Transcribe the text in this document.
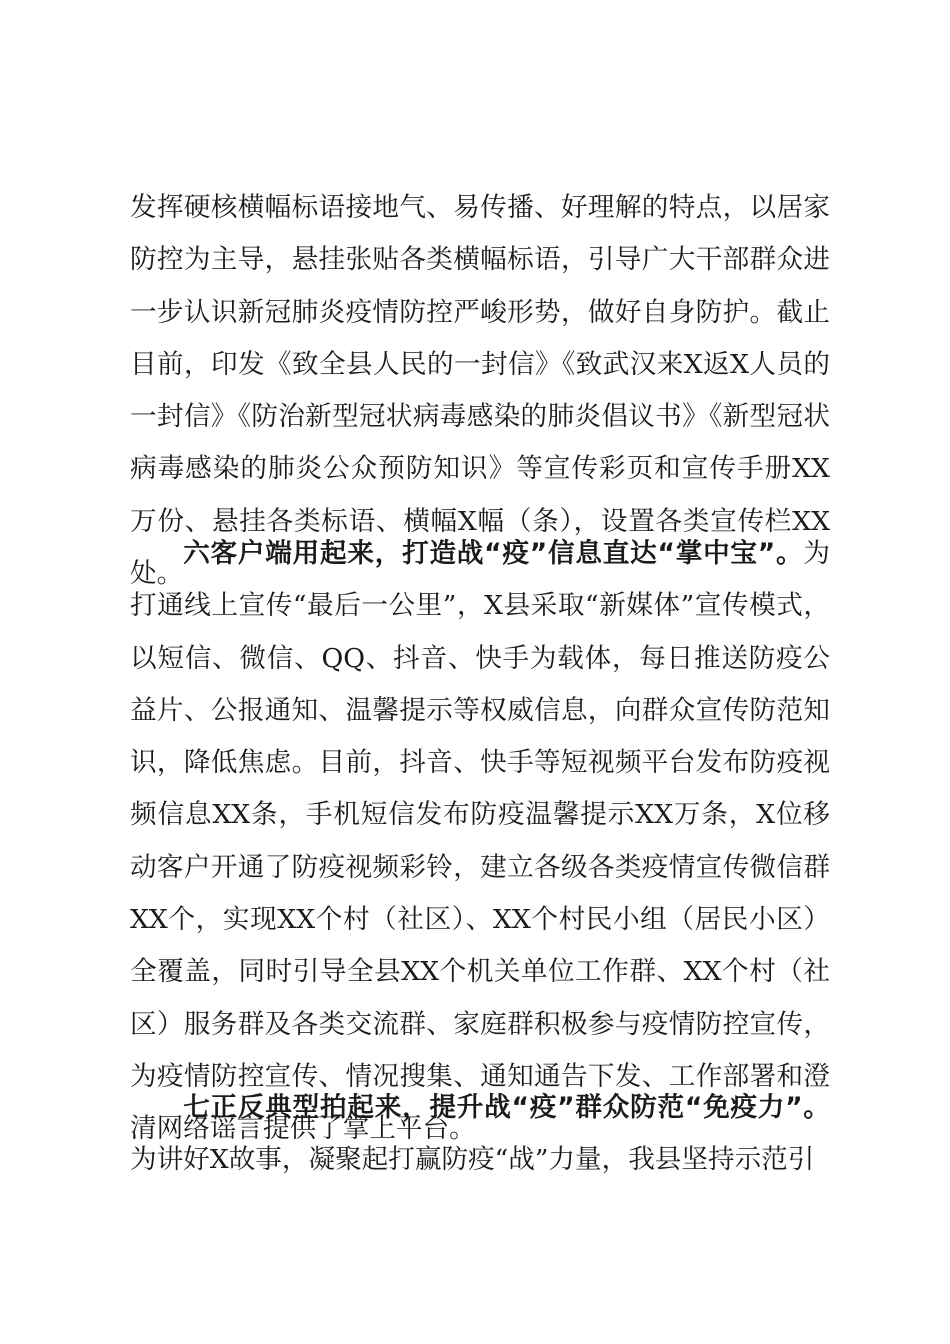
发挥硬核横幅标语接地气、易传播、好理解的特点，以居家防控为主导，悬挂张贴各类横幅标语，引导广大干部群众进一步认识新冠肺炎疫情防控严峻形势，做好自身防护。截止目前，印发《致全县人民的一封信》《致武汉来X返X人员的一封信》《防治新型冠状病毒感染的肺炎倡议书》《新型冠状病毒感染的肺炎公众预防知识》等宣传彩页和宣传手册XX万份、悬挂各类标语、横幅X幅（条），设置各类宣传栏XX处。

六客户端用起来，打造战“疫”信息直达“掌中宝”。为打通线上宣传“最后一公里”，X县采取“新媒体”宣传模式，以短信、微信、QQ、抖音、快手为载体，每日推送防疫公益片、公报通知、温馨提示等权威信息，向群众宣传防范知识，降低焦虑。目前，抖音、快手等短视频平台发布防疫视频信息XX条，手机短信发布防疫温馨提示XX万条，X位移动客户开通了防疫视频彩铃，建立各级各类疫情宣传微信群XX个，实现XX个村（社区）、XX个村民小组（居民小区）全覆盖，同时引导全县XX个机关单位工作群、XX个村（社区）服务群及各类交流群、家庭群积极参与疫情防控宣传，为疫情防控宣传、情况搜集、通知通告下发、工作部署和澄清网络谣言提供了掌上平台。

七正反典型拍起来，提升战“疫”群众防范“免疫力”。为讲好X故事，凝聚起打赢防疫“战”力量，我县坚持示范引
